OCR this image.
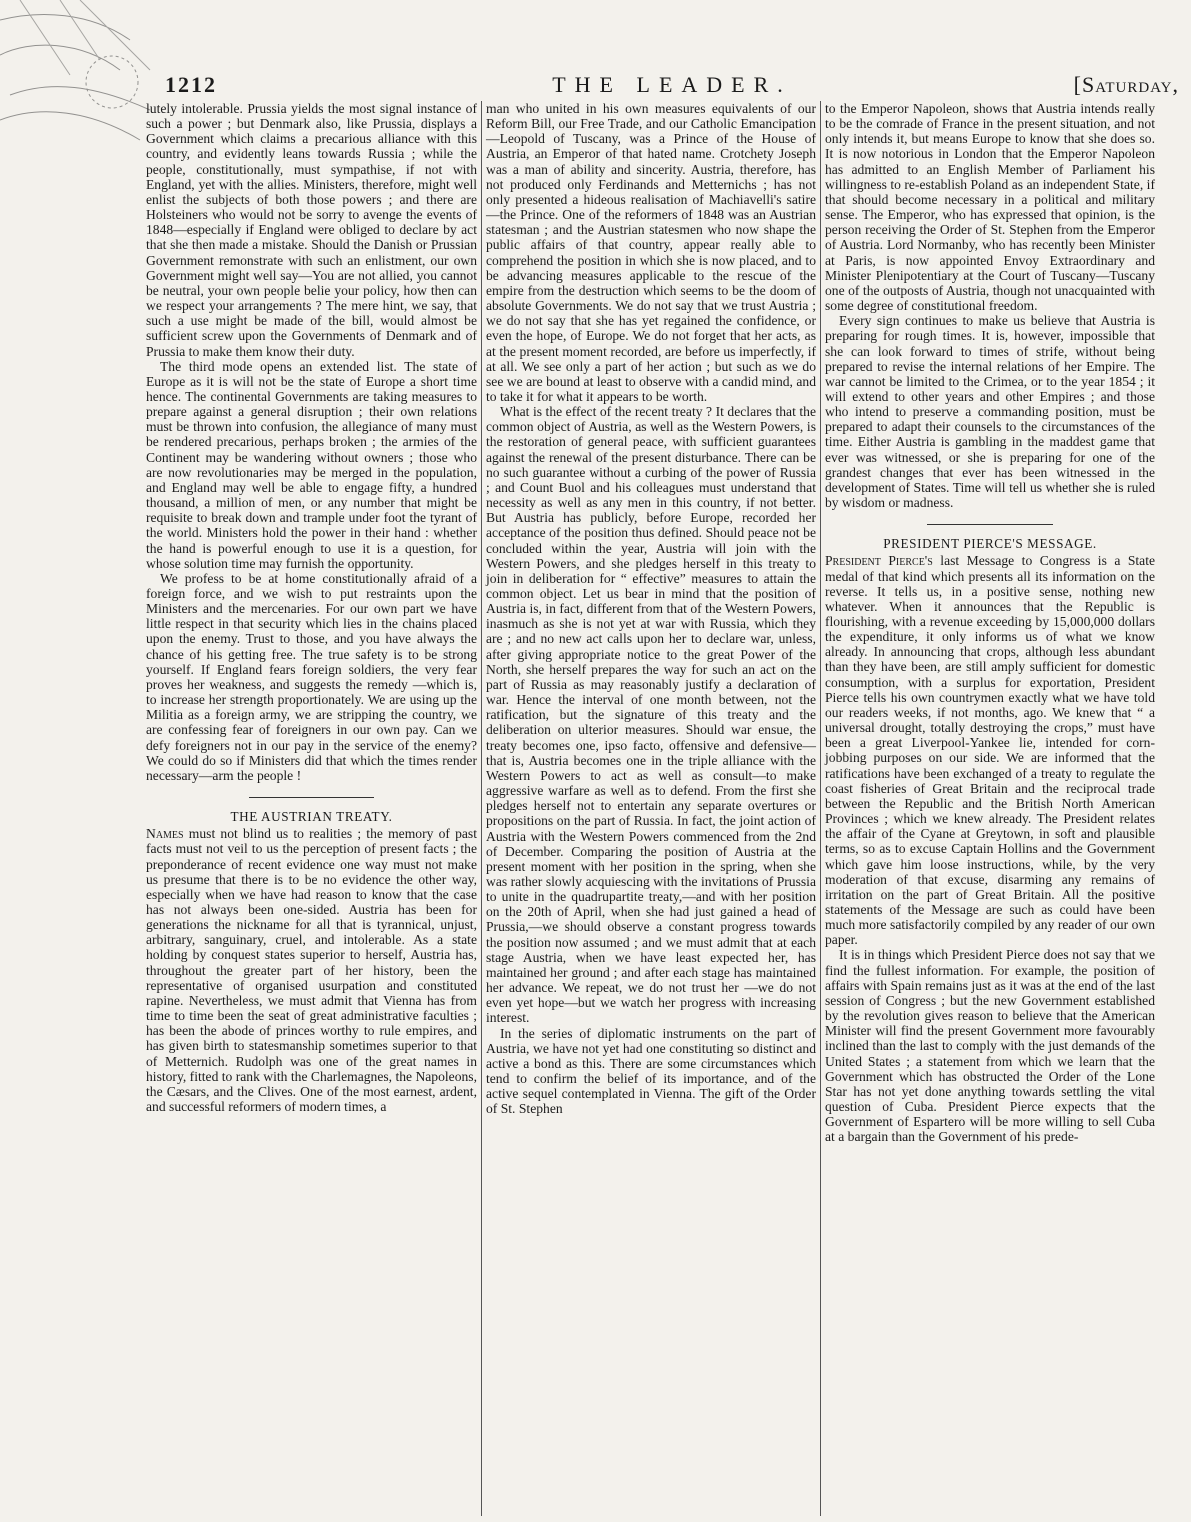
1212	THE LEADER.	[Saturday,

lutely intolerable. Prussia yields the most signal instance of such a power ; but Denmark also, like Prussia, displays a Government which claims a precarious alliance with this country, and evidently leans towards Russia ; while the people, constitutionally, must sympathise, if not with England, yet with the allies. Ministers, therefore, might well enlist the subjects of both those powers ; and there are Holsteiners who would not be sorry to avenge the events of 1848—especially if England were obliged to declare by act that she then made a mistake. Should the Danish or Prussian Government remonstrate with such an enlistment, our own Government might well say—You are not allied, you cannot be neutral, your own people belie your policy, how then can we respect your arrangements ? The mere hint, we say, that such a use might be made of the bill, would almost be sufficient screw upon the Governments of Denmark and of Prussia to make them know their duty.

The third mode opens an extended list. The state of Europe as it is will not be the state of Europe a short time hence. The continental Governments are taking measures to prepare against a general disruption ; their own relations must be thrown into confusion, the allegiance of many must be rendered precarious, perhaps broken ; the armies of the Continent may be wandering without owners ; those who are now revolutionaries may be merged in the population, and England may well be able to engage fifty, a hundred thousand, a million of men, or any number that might be requisite to break down and trample under foot the tyrant of the world. Ministers hold the power in their hand : whether the hand is powerful enough to use it is a question, for whose solution time may furnish the opportunity.

We profess to be at home constitutionally afraid of a foreign force, and we wish to put restraints upon the Ministers and the mercenaries. For our own part we have little respect in that security which lies in the chains placed upon the enemy. Trust to those, and you have always the chance of his getting free. The true safety is to be strong yourself. If England fears foreign soldiers, the very fear proves her weakness, and suggests the remedy —which is, to increase her strength proportionately. We are using up the Militia as a foreign army, we are stripping the country, we are confessing fear of foreigners in our own pay. Can we defy foreigners not in our pay in the service of the enemy? We could do so if Ministers did that which the times render necessary—arm the people !

THE AUSTRIAN TREATY.

Names must not blind us to realities ; the memory of past facts must not veil to us the perception of present facts ; the preponderance of recent evidence one way must not make us presume that there is to be no evidence the other way, especially when we have had reason to know that the case has not always been one-sided. Austria has been for generations the nickname for all that is tyrannical, unjust, arbitrary, sanguinary, cruel, and intolerable. As a state holding by conquest states superior to herself, Austria has, throughout the greater part of her history, been the representative of organised usurpation and constituted rapine. Nevertheless, we must admit that Vienna has from time to time been the seat of great administrative faculties ; has been the abode of princes worthy to rule empires, and has given birth to statesmanship sometimes superior to that of Metternich. Rudolph was one of the great names in history, fitted to rank with the Charlemagnes, the Napoleons, the Cæsars, and the Clives. One of the most earnest, ardent, and successful reformers of modern times, a

man who united in his own measures equivalents of our Reform Bill, our Free Trade, and our Catholic Emancipation—Leopold of Tuscany, was a Prince of the House of Austria, an Emperor of that hated name. Crotchety Joseph was a man of ability and sincerity. Austria, therefore, has not produced only Ferdinands and Metternichs ; has not only presented a hideous realisation of Machiavelli's satire—the Prince. One of the reformers of 1848 was an Austrian statesman ; and the Austrian statesmen who now shape the public affairs of that country, appear really able to comprehend the position in which she is now placed, and to be advancing measures applicable to the rescue of the empire from the destruction which seems to be the doom of absolute Governments. We do not say that we trust Austria ; we do not say that she has yet regained the confidence, or even the hope, of Europe. We do not forget that her acts, as at the present moment recorded, are before us imperfectly, if at all. We see only a part of her action ; but such as we do see we are bound at least to observe with a candid mind, and to take it for what it appears to be worth.

What is the effect of the recent treaty ? It declares that the common object of Austria, as well as the Western Powers, is the restoration of general peace, with sufficient guarantees against the renewal of the present disturbance. There can be no such guarantee without a curbing of the power of Russia ; and Count Buol and his colleagues must understand that necessity as well as any men in this country, if not better. But Austria has publicly, before Europe, recorded her acceptance of the position thus defined. Should peace not be concluded within the year, Austria will join with the Western Powers, and she pledges herself in this treaty to join in deliberation for “ effective” measures to attain the common object. Let us bear in mind that the position of Austria is, in fact, different from that of the Western Powers, inasmuch as she is not yet at war with Russia, which they are ; and no new act calls upon her to declare war, unless, after giving appropriate notice to the great Power of the North, she herself prepares the way for such an act on the part of Russia as may reasonably justify a declaration of war. Hence the interval of one month between, not the ratification, but the signature of this treaty and the deliberation on ulterior measures. Should war ensue, the treaty becomes one, ipso facto, offensive and defensive—that is, Austria becomes one in the triple alliance with the Western Powers to act as well as consult—to make aggressive warfare as well as to defend. From the first she pledges herself not to entertain any separate overtures or propositions on the part of Russia. In fact, the joint action of Austria with the Western Powers commenced from the 2nd of December. Comparing the position of Austria at the present moment with her position in the spring, when she was rather slowly acquiescing with the invitations of Prussia to unite in the quadrupartite treaty,—and with her position on the 20th of April, when she had just gained a head of Prussia,—we should observe a constant progress towards the position now assumed ; and we must admit that at each stage Austria, when we have least expected her, has maintained her ground ; and after each stage has maintained her advance. We repeat, we do not trust her —we do not even yet hope—but we watch her progress with increasing interest.

In the series of diplomatic instruments on the part of Austria, we have not yet had one constituting so distinct and active a bond as this. There are some circumstances which tend to confirm the belief of its importance, and of the active sequel contemplated in Vienna. The gift of the Order of St. Stephen

to the Emperor Napoleon, shows that Austria intends really to be the comrade of France in the present situation, and not only intends it, but means Europe to know that she does so. It is now notorious in London that the Emperor Napoleon has admitted to an English Member of Parliament his willingness to re-establish Poland as an independent State, if that should become necessary in a political and military sense. The Emperor, who has expressed that opinion, is the person receiving the Order of St. Stephen from the Emperor of Austria. Lord Normanby, who has recently been Minister at Paris, is now appointed Envoy Extraordinary and Minister Plenipotentiary at the Court of Tuscany—Tuscany one of the outposts of Austria, though not unacquainted with some degree of constitutional freedom.

Every sign continues to make us believe that Austria is preparing for rough times. It is, however, impossible that she can look forward to times of strife, without being prepared to revise the internal relations of her Empire. The war cannot be limited to the Crimea, or to the year 1854 ; it will extend to other years and other Empires ; and those who intend to preserve a commanding position, must be prepared to adapt their counsels to the circumstances of the time. Either Austria is gambling in the maddest game that ever was witnessed, or she is preparing for one of the grandest changes that ever has been witnessed in the development of States. Time will tell us whether she is ruled by wisdom or madness.

PRESIDENT PIERCE'S MESSAGE.

President Pierce's last Message to Congress is a State medal of that kind which presents all its information on the reverse. It tells us, in a positive sense, nothing new whatever. When it announces that the Republic is flourishing, with a revenue exceeding by 15,000,000 dollars the expenditure, it only informs us of what we know already. In announcing that crops, although less abundant than they have been, are still amply sufficient for domestic consumption, with a surplus for exportation, President Pierce tells his own countrymen exactly what we have told our readers weeks, if not months, ago. We knew that “ a universal drought, totally destroying the crops,” must have been a great Liverpool-Yankee lie, intended for corn-jobbing purposes on our side. We are informed that the ratifications have been exchanged of a treaty to regulate the coast fisheries of Great Britain and the reciprocal trade between the Republic and the British North American Provinces ; which we knew already. The President relates the affair of the Cyane at Greytown, in soft and plausible terms, so as to excuse Captain Hollins and the Government which gave him loose instructions, while, by the very moderation of that excuse, disarming any remains of irritation on the part of Great Britain. All the positive statements of the Message are such as could have been much more satisfactorily compiled by any reader of our own paper.

It is in things which President Pierce does not say that we find the fullest information. For example, the position of affairs with Spain remains just as it was at the end of the last session of Congress ; but the new Government established by the revolution gives reason to believe that the American Minister will find the present Government more favourably inclined than the last to comply with the just demands of the United States ; a statement from which we learn that the Government which has obstructed the Order of the Lone Star has not yet done anything towards settling the vital question of Cuba. President Pierce expects that the Government of Espartero will be more willing to sell Cuba at a bargain than the Government of his prede-
